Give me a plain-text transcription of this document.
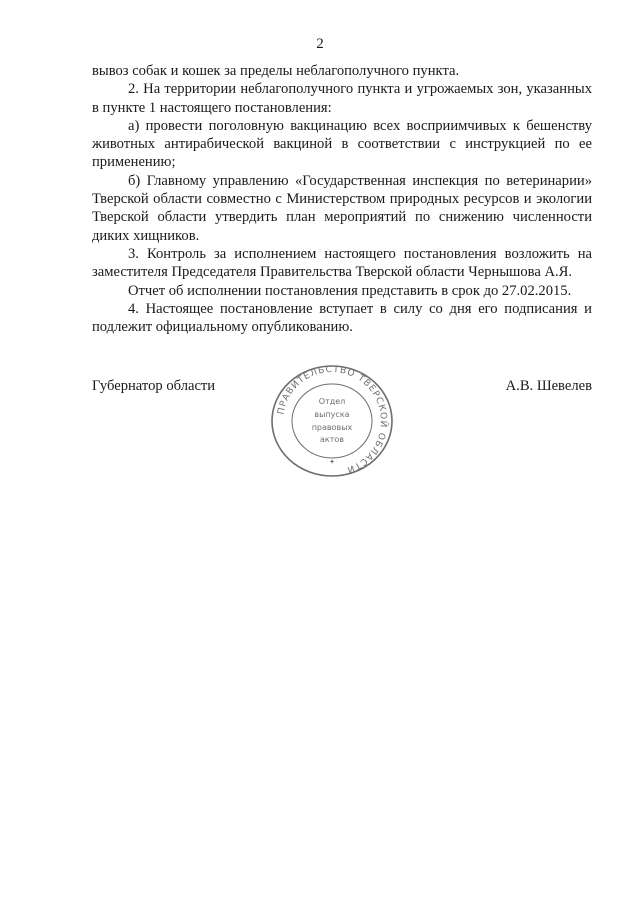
2

вывоз собак и кошек за пределы неблагополучного пункта.

2. На территории неблагополучного пункта и угрожаемых зон, указанных в пункте 1 настоящего постановления:

а) провести поголовную вакцинацию всех восприимчивых к бешенству животных антирабической вакциной в соответствии с инструкцией по ее применению;

б) Главному управлению «Государственная инспекция по ветеринарии» Тверской области совместно с Министерством природных ресурсов и экологии Тверской области утвердить план мероприятий по снижению численности диких хищников.

3. Контроль за исполнением настоящего постановления возложить на заместителя Председателя Правительства Тверской области Чернышова А.Я.

Отчет об исполнении постановления представить в срок до 27.02.2015.

4. Настоящее постановление вступает в силу со дня его подписания и подлежит официальному опубликованию.

Губернатор области
ПРАВИТЕЛЬСТВО ТВЕРСКОЙ ОБЛАСТИ
Отдел
выпуска
правовых
актов
✦
А.В. Шевелев
